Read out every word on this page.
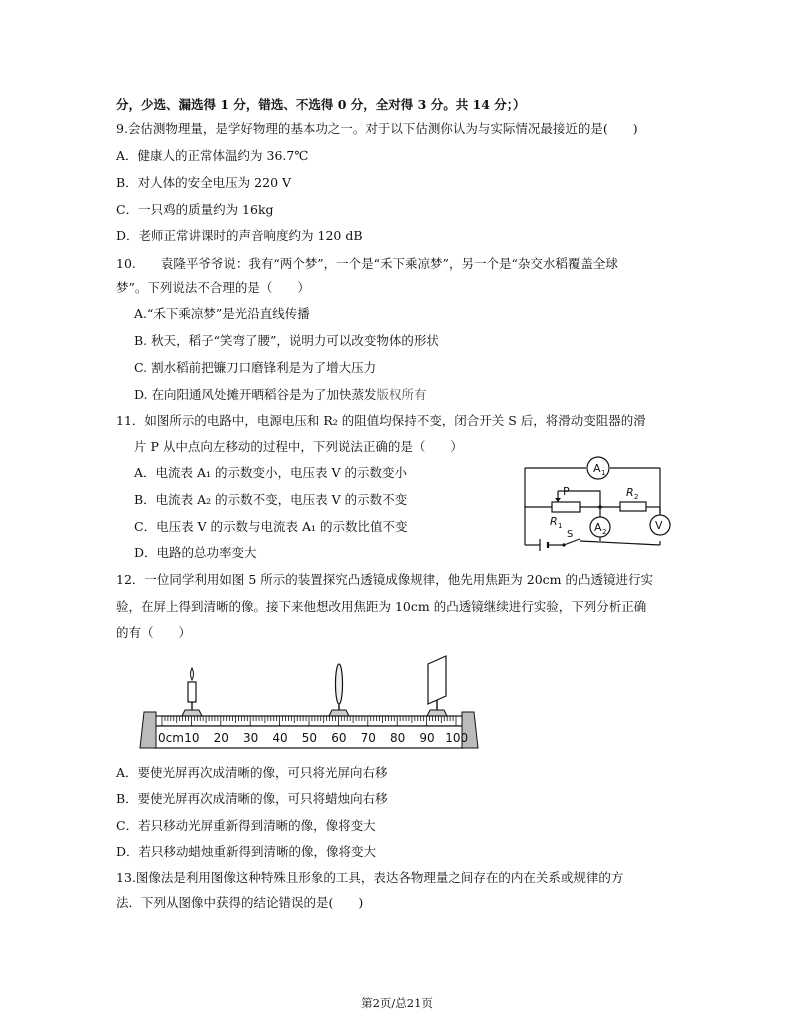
分，少选、漏选得 1 分，错选、不选得 0 分，全对得 3 分。共 14 分；）
9.会估测物理量，是学好物理的基本功之一。对于以下估测你认为与实际情况最接近的是(　　)
A．健康人的正常体温约为 36.7℃
B．对人体的安全电压为 220 V
C．一只鸡的质量约为 16kg
D．老师正常讲课时的声音响度约为 120 dB
10.　　袁隆平爷爷说：我有“两个梦”，一个是“禾下乘凉梦”，另一个是“杂交水稻覆盖全球
梦”。下列说法不合理的是（　　）
A.“禾下乘凉梦”是光沿直线传播
B. 秋天，稻子“笑弯了腰”，说明力可以改变物体的形状
C. 割水稻前把镰刀口磨锋利是为了增大压力
D. 在向阳通风处摊开晒稻谷是为了加快蒸发版权所有
11．如图所示的电路中，电源电压和 R₂ 的阻值均保持不变，闭合开关 S 后，将滑动变阻器的滑
片 P 从中点向左移动的过程中，下列说法正确的是（　　）
A．电流表 A₁ 的示数变小，电压表 V 的示数变小
B．电流表 A₂ 的示数不变，电压表 V 的示数不变
C．电压表 V 的示数与电流表 A₁ 的示数比值不变
D．电路的总功率变大
A 1
A 2	V
P
R 1
R 2
S
12．一位同学利用如图 5 所示的装置探究凸透镜成像规律，他先用焦距为 20cm 的凸透镜进行实
验，在屏上得到清晰的像。接下来他想改用焦距为 10cm 的凸透镜继续进行实验，下列分析正确
的有（　　）
0cm 10 20 30 40 50 60 70 80 90 100
A．要使光屏再次成清晰的像，可只将光屏向右移
B．要使光屏再次成清晰的像，可只将蜡烛向右移
C．若只移动光屏重新得到清晰的像，像将变大
D．若只移动蜡烛重新得到清晰的像，像将变大
13.图像法是利用图像这种特殊且形象的工具，表达各物理量之间存在的内在关系或规律的方
法．下列从图像中获得的结论错误的是(　　)
第2页/总21页
